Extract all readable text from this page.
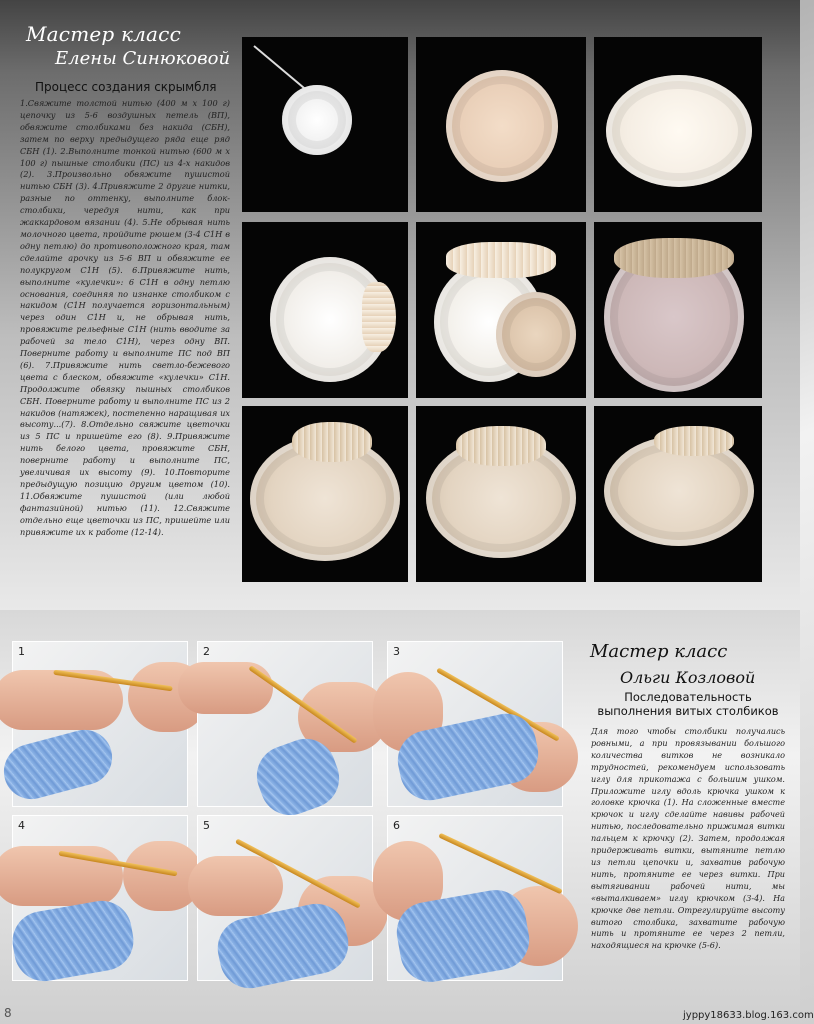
Мастер класс
Елены Синюковой
Процесс создания скрымбля

1.Свяжите толстой нитью (400 м x 100 г) цепочку из 5-6 воздушных петель (ВП), обвяжите столбиками без накида (СБН), затем по верху предыдущего ряда еще ряд СБН (1). 2.Выполните тонкой нитью (600 м x 100 г) пышные столбики (ПС) из 4-х накидов (2). 3.Произвольно обвяжите пушистой нитью СБН (3). 4.Привяжите 2 другие нитки, разные по оттенку, выполните блок-столбики, чередуя нити, как при жаккардовом вязании (4). 5.Не обрывая нить молочного цвета, пройдите рюшем (3-4 С1Н в одну петлю) до противоположного края, там сделайте арочку из 5-6 ВП и обвяжите ее полукругом С1Н (5). 6.Привяжите нить, выполните «кулечки»: 6 С1Н в одну петлю основания, соединяя по изнанке столбиком с накидом (С1Н получается горизонтальным) через один С1Н и, не обрывая нить, провяжите рельефные С1Н (нить вводите за рабочей за тело С1Н), через одну ВП. Поверните работу и выполните ПС под ВП (6). 7.Привяжите нить светло-бежевого цвета с блеском, обвяжите «кулечки» С1Н. Продолжите обвязку пышных столбиков СБН. Поверните работу и выполните ПС из 2 накидов (натяжек), постепенно наращивая их высоту...(7). 8.Отдельно свяжите цветочки из 5 ПС и пришейте его (8). 9.Привяжите нить белого цвета, провяжите СБН, поверните работу и выполните ПС, увеличивая их высоту (9). 10.Повторите предыдущую позицию другим цветом (10). 11.Обвяжите пушистой (или любой фантазийной) нитью (11). 12.Свяжите отдельно еще цветочки из ПС, пришейте или привяжите их к работе (12-14).

1	2	3
4	5	6
Мастер класс
Ольги Козловой
Последовательность выполнения витых столбиков

Для того чтобы столбики получались ровными, а при провязывании большого количества витков не возникало трудностей, рекомендуем использовать иглу для прикотажа с большим ушком. Приложите иглу вдоль крючка ушком к головке крючка (1). На сложенные вместе крючок и иглу сделайте навивы рабочей нитью, последовательно прижимая витки пальцем к крючку (2). Затем, продолжая придерживать витки, вытяните петлю из петли цепочки и, захватив рабочую нить, протяните ее через витки. При вытягивании рабочей нити, мы «выталкиваем» иглу крючком (3-4). На крючке две петли. Отрегулируйте высоту витого столбика, захватите рабочую нить и протяните ее через 2 петли, находящиеся на крючке (5-6).

8	jyppy18633.blog.163.com
